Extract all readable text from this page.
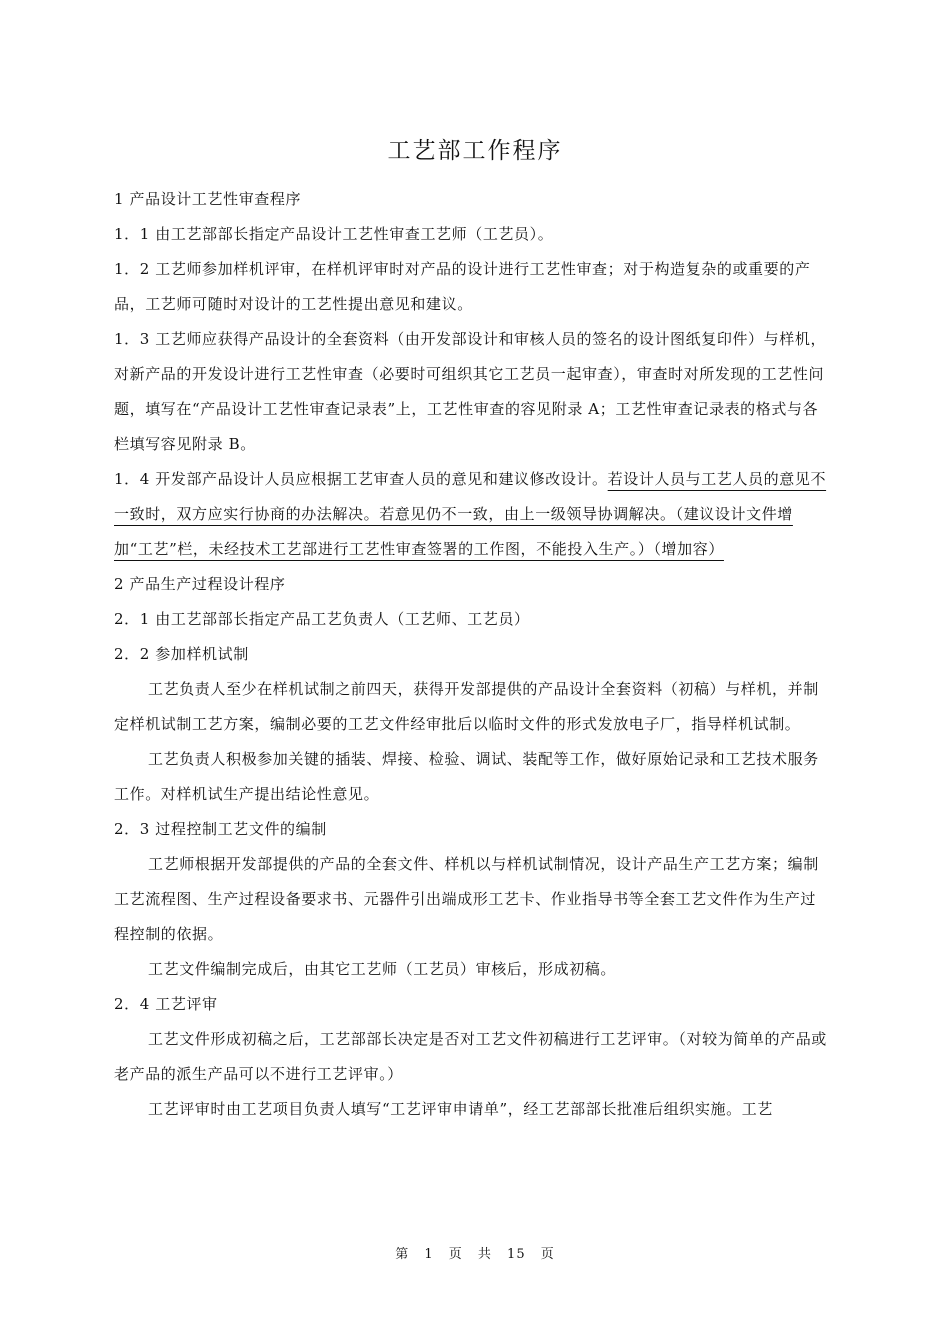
工艺部工作程序

1 产品设计工艺性审查程序

1．1 由工艺部部长指定产品设计工艺性审查工艺师（工艺员）。

1．2 工艺师参加样机评审，在样机评审时对产品的设计进行工艺性审查；对于构造复杂的或重要的产品，工艺师可随时对设计的工艺性提出意见和建议。

1．3 工艺师应获得产品设计的全套资料（由开发部设计和审核人员的签名的设计图纸复印件）与样机，对新产品的开发设计进行工艺性审查（必要时可组织其它工艺员一起审查），审查时对所发现的工艺性问题，填写在“产品设计工艺性审查记录表”上，工艺性审查的容见附录 A；工艺性审查记录表的格式与各栏填写容见附录 B。

1．4 开发部产品设计人员应根据工艺审查人员的意见和建议修改设计。若设计人员与工艺人员的意见不一致时，双方应实行协商的办法解决。若意见仍不一致，由上一级领导协调解决。（建议设计文件增加“工艺”栏，未经技术工艺部进行工艺性审查签署的工作图，不能投入生产。）（增加容）

2 产品生产过程设计程序

2．1 由工艺部部长指定产品工艺负责人（工艺师、工艺员）

2．2 参加样机试制

工艺负责人至少在样机试制之前四天，获得开发部提供的产品设计全套资料（初稿）与样机，并制定样机试制工艺方案，编制必要的工艺文件经审批后以临时文件的形式发放电子厂，指导样机试制。

工艺负责人积极参加关键的插装、焊接、检验、调试、装配等工作，做好原始记录和工艺技术服务工作。对样机试生产提出结论性意见。

2．3 过程控制工艺文件的编制

工艺师根据开发部提供的产品的全套文件、样机以与样机试制情况，设计产品生产工艺方案；编制工艺流程图、生产过程设备要求书、元器件引出端成形工艺卡、作业指导书等全套工艺文件作为生产过程控制的依据。

工艺文件编制完成后，由其它工艺师（工艺员）审核后，形成初稿。

2．4 工艺评审

工艺文件形成初稿之后，工艺部部长决定是否对工艺文件初稿进行工艺评审。（对较为简单的产品或老产品的派生产品可以不进行工艺评审。）

工艺评审时由工艺项目负责人填写“工艺评审申请单”，经工艺部部长批准后组织实施。工艺

第 1 页 共 15 页
